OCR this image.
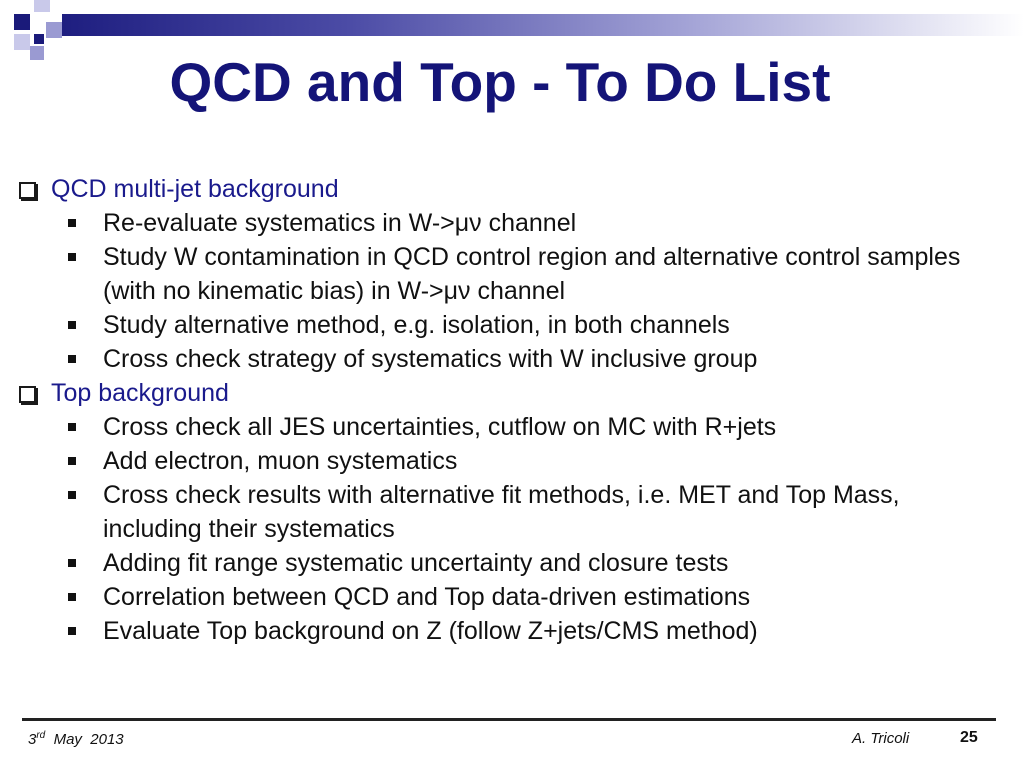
QCD and Top - To Do List
QCD multi-jet background
Re-evaluate systematics in W->μν channel
Study W contamination in QCD control region and alternative control samples (with no kinematic bias) in W->μν channel
Study alternative method, e.g. isolation, in both channels
Cross check strategy of systematics with W inclusive group
Top background
Cross check all JES uncertainties, cutflow on MC with R+jets
Add electron, muon systematics
Cross check results with alternative fit methods, i.e. MET and Top Mass, including their systematics
Adding fit range systematic uncertainty and closure tests
Correlation between QCD and Top data-driven estimations
Evaluate Top background on Z (follow Z+jets/CMS method)
3rd May  2013	A. Tricoli	25
